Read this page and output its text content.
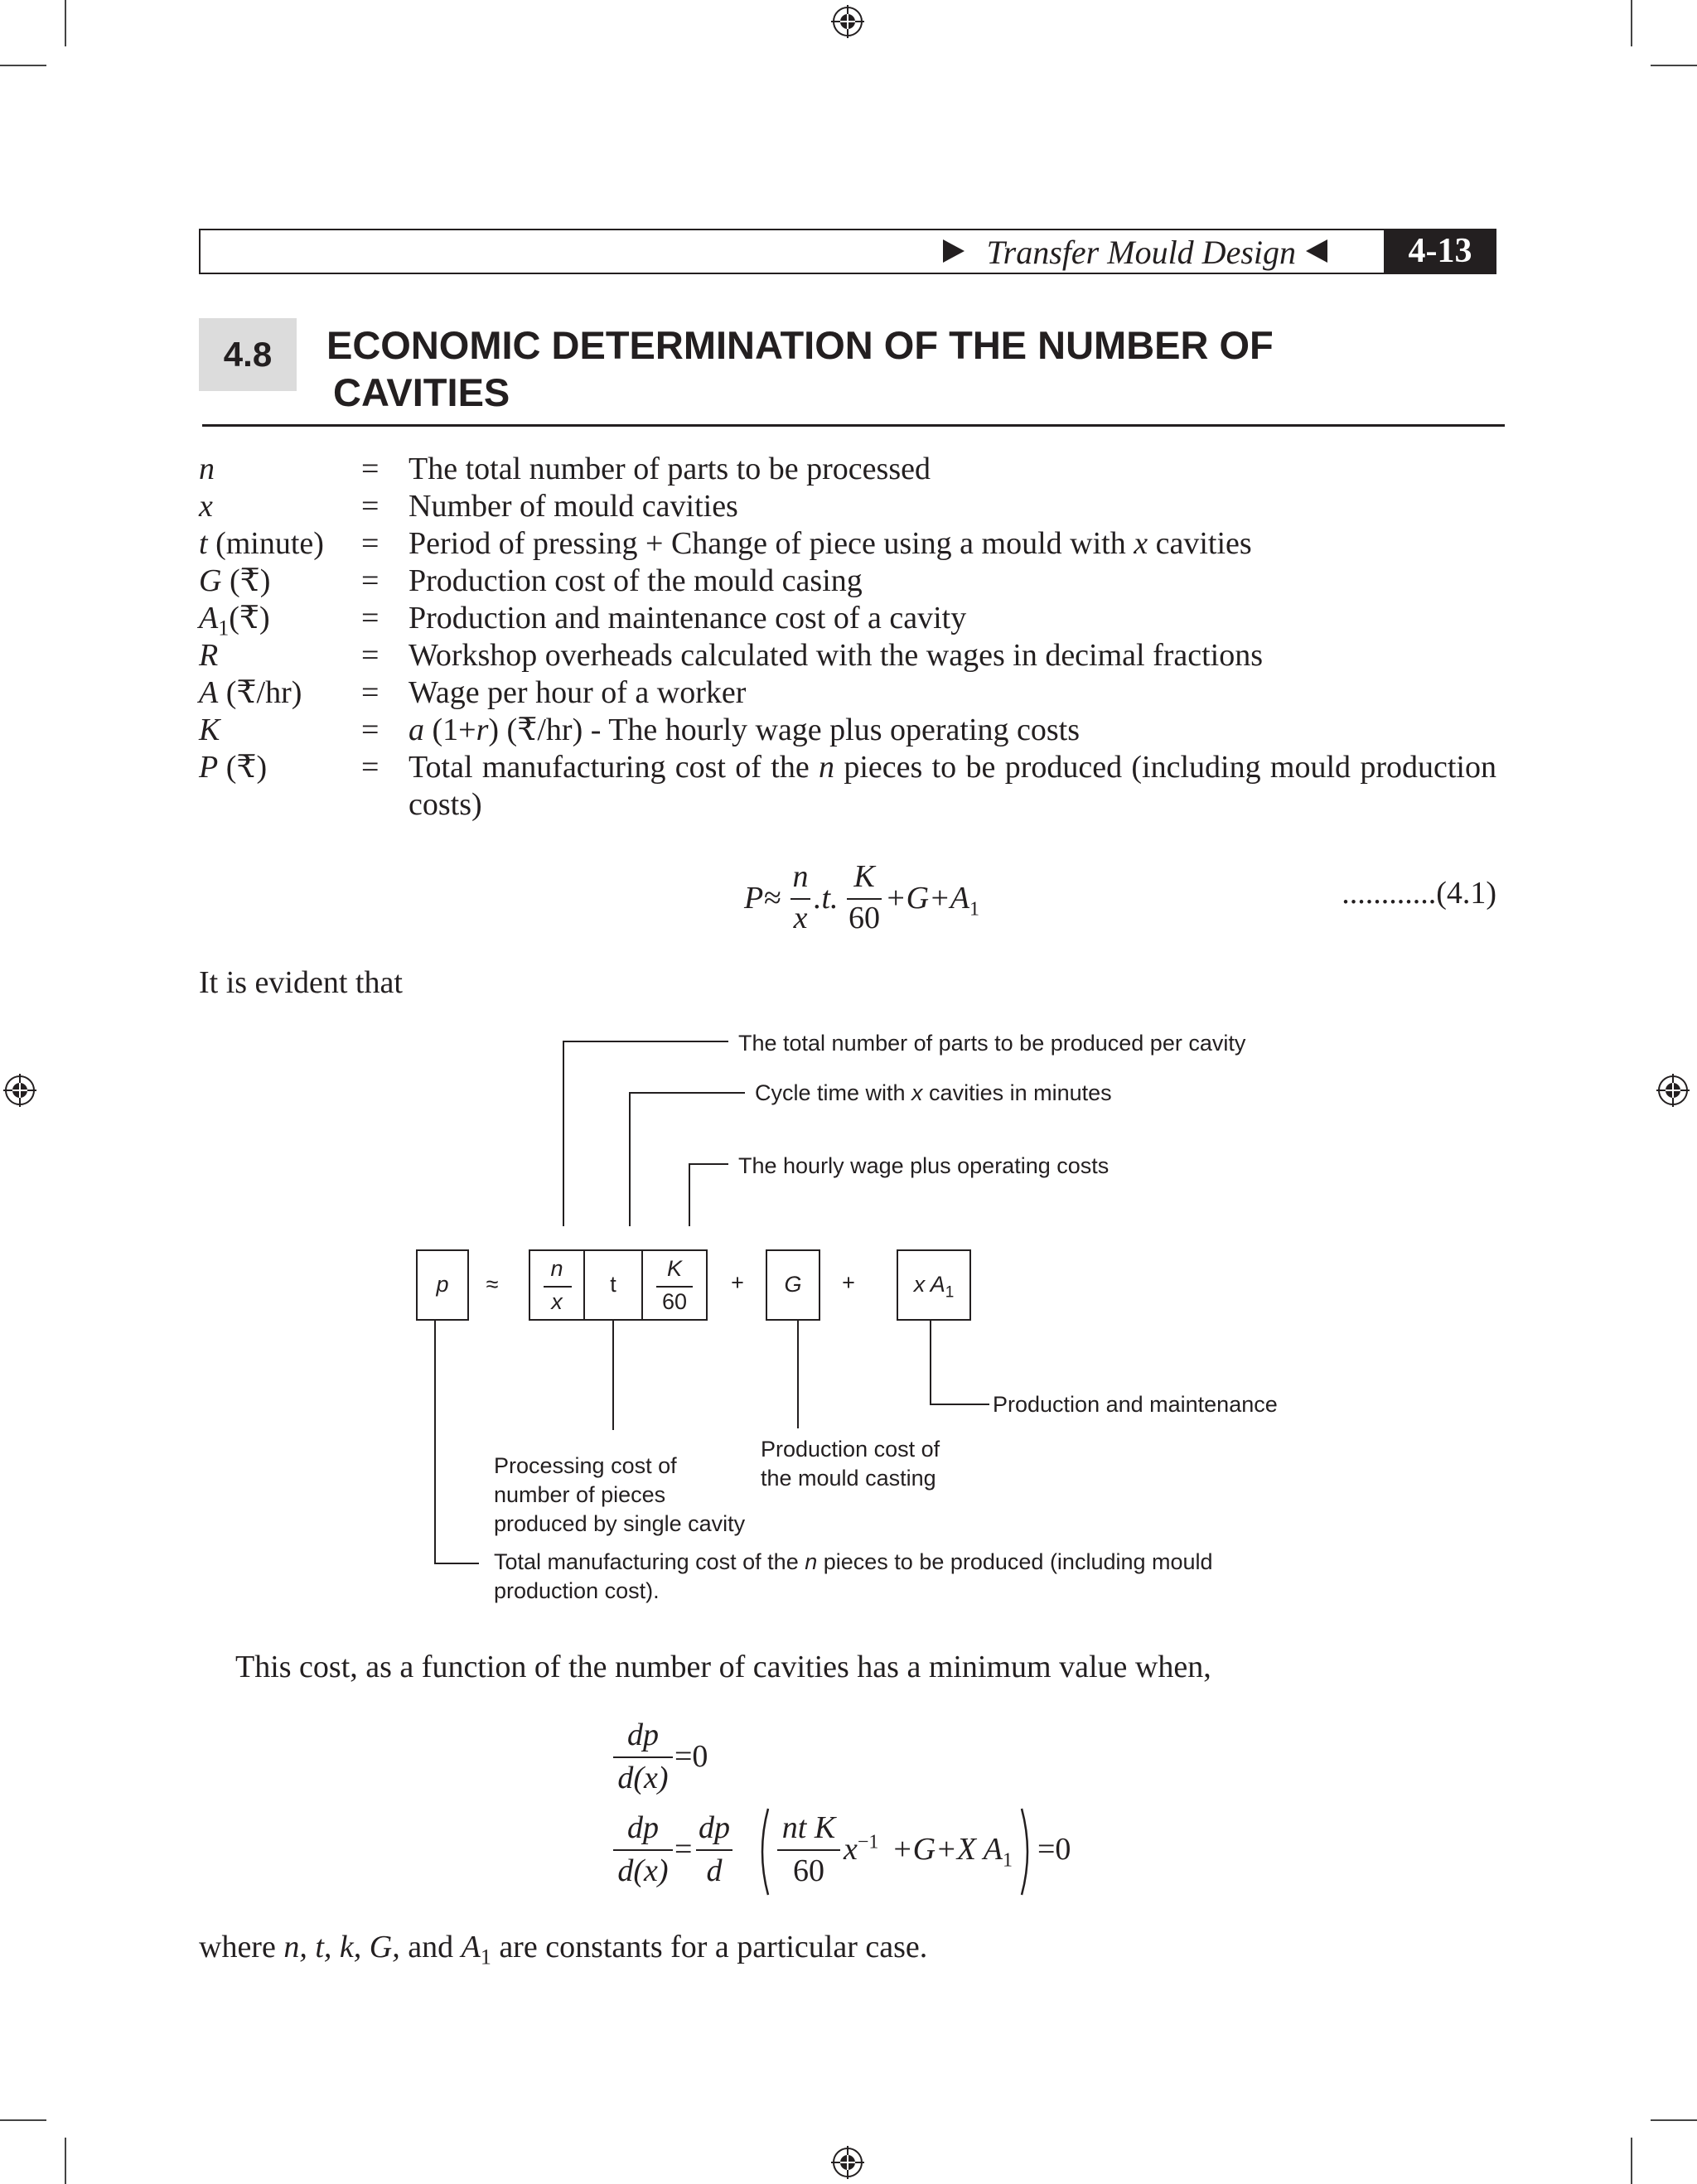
Transfer Mould Design	4-13
4.8	ECONOMIC DETERMINATION OF THE NUMBER OF
CAVITIES
n	= The total number of parts to be processed
x	= Number of mould cavities
t (minute) = Period of pressing + Change of piece using a mould with x cavities
G (₹)	= Production cost of the mould casing
$A_1(₹)$	= Production and maintenance cost of a cavity
R	= Workshop overheads calculated with the wages in decimal fractions
A (₹/hr) = Wage per hour of a worker
K	= a (1+r) (₹/hr) - The hourly wage plus operating costs
P (₹)	= Total manufacturing cost of the n pieces to be produced (including mould production costs)
P ≈
n
x
.t.
K
60
$+G+A_1$	............(4.1)
It is evident that
The total number of parts to be produced per cavity
Cycle time with x cavities in minutes
The hourly wage plus operating costs
p	≈
n
x
t
K
60
+	G	+	x $A_1$
Production and maintenance
Production cost of
the mould casting
Processing cost of
number of pieces
produced by single cavity
Total manufacturing cost of the n pieces to be produced (including mould
production cost).
This cost, as a function of the number of cavities has a minimum value when,
dp
d(x)
=0
dp
d(x)
=
dp
d
nt K
60
$x^{-1} +G+X$ $A_1 =0$
where n, t, k, G, and $A_1$ are constants for a particular case.
